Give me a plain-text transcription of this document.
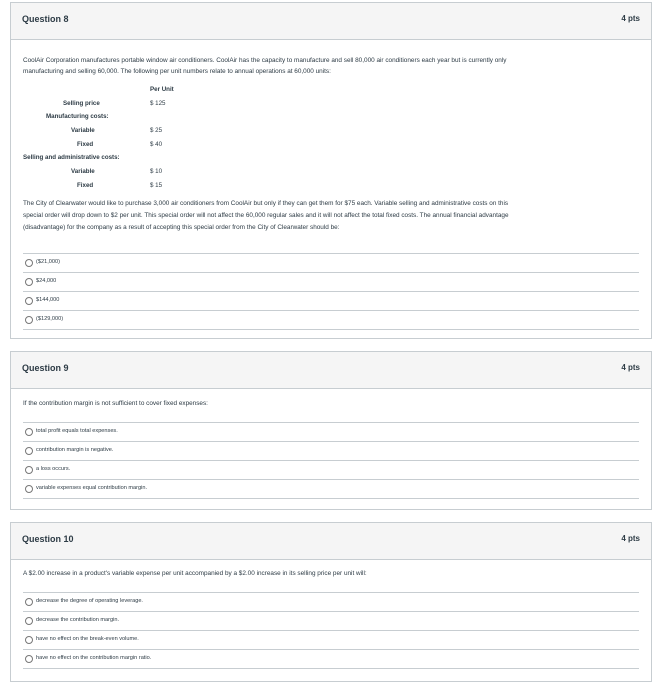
Question 8	4 pts
CoolAir Corporation manufactures portable window air conditioners. CoolAir has the capacity to manufacture and sell 80,000 air conditioners each year but is currently only
manufacturing and selling 60,000. The following per unit numbers relate to annual operations at 60,000 units:
Per Unit
Selling price	$ 125
Manufacturing costs:
Variable	$ 25
Fixed	$ 40
Selling and administrative costs:
Variable	$ 10
Fixed	$ 15
The City of Clearwater would like to purchase 3,000 air conditioners from CoolAir but only if they can get them for $75 each. Variable selling and administrative costs on this
special order will drop down to $2 per unit. This special order will not affect the 60,000 regular sales and it will not affect the total fixed costs. The annual financial advantage
(disadvantage) for the company as a result of accepting this special order from the City of Clearwater should be:
($21,000)
$24,000
$144,000
($129,000)
Question 9	4 pts
If the contribution margin is not sufficient to cover fixed expenses:
total profit equals total expenses.
contribution margin is negative.
a loss occurs.
variable expenses equal contribution margin.
Question 10	4 pts
A $2.00 increase in a product's variable expense per unit accompanied by a $2.00 increase in its selling price per unit will:
decrease the degree of operating leverage.
decrease the contribution margin.
have no effect on the break-even volume.
have no effect on the contribution margin ratio.
